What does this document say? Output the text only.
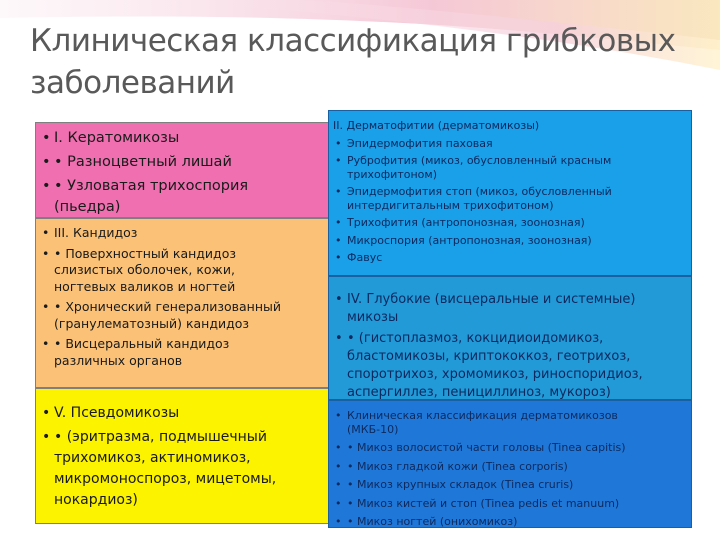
Клиническая классификация грибковых заболеваний

• I. Кератомикозы

• • Разноцветный лишай

• • Узловатая трихоспория (пьедра)

• III. Кандидоз

• • Поверхностный кандидоз слизистых оболочек, кожи, ногтевых валиков и ногтей

• • Хронический генерализованный (гранулематозный) кандидоз

• • Висцеральный кандидоз различных органов

• V. Псевдомикозы

• • (эритразма, подмышечный трихомикоз, актиномикоз, микромоноспороз, мицетомы, нокардиоз)

II. Дерматофитии (дерматомикозы)

• Эпидермофития паховая

• Руброфития (микоз, обусловленный красным трихофитоном)

• Эпидермофития стоп (микоз, обусловленный интердигитальным трихофитоном)

• Трихофития (антропонозная, зоонозная)

• Микроспория (антропонозная, зоонозная)

• Фавус

• IV. Глубокие (висцеральные и системные) микозы

• • (гистоплазмоз, кокцидиоидомикоз, бластомикозы, криптококкоз, геотрихоз, споротрихоз, хромомикоз, риноспоридиоз, аспергиллез, пенициллиноз, мукороз)

• Клиническая классификация дерматомикозов (МКБ-10)

• • Микоз волосистой части головы (Tinea capitis)

• • Микоз гладкой кожи (Tinea corporis)

• • Микоз крупных складок (Tinea cruris)

• • Микоз кистей и стоп (Tinea pedis et manuum)

• • Микоз ногтей (онихомикоз)
